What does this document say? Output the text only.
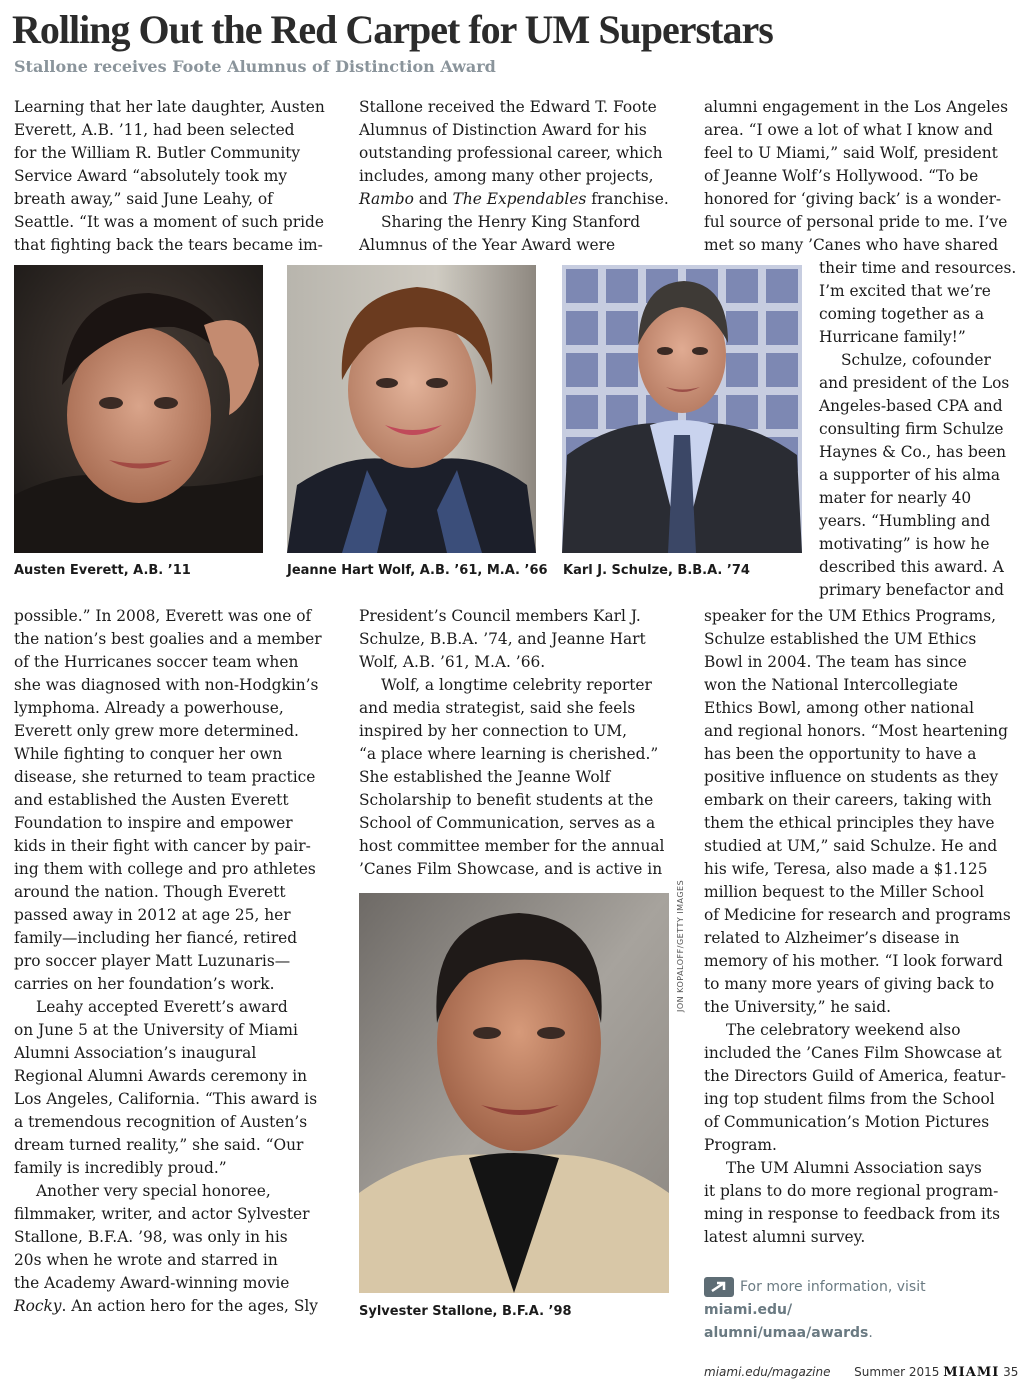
Rolling Out the Red Carpet for UM Superstars
Stallone receives Foote Alumnus of Distinction Award
Learning that her late daughter, Austen
Everett, A.B. ’11, had been selected
for the William R. Butler Community
Service Award “absolutely took my
breath away,” said June Leahy, of
Seattle. “It was a moment of such pride
that fighting back the tears became im-
Stallone received the Edward T. Foote
Alumnus of Distinction Award for his
outstanding professional career, which
includes, among many other projects,
Rambo and The Expendables franchise.
Sharing the Henry King Stanford
Alumnus of the Year Award were
alumni engagement in the Los Angeles
area. “I owe a lot of what I know and
feel to U Miami,” said Wolf, president
of Jeanne Wolf’s Hollywood. “To be
honored for ‘giving back’ is a wonder-
ful source of personal pride to me. I’ve
met so many ’Canes who have shared
their time and resources.
I’m excited that we’re
coming together as a
Hurricane family!”
Schulze, cofounder
and president of the Los
Angeles-based CPA and
consulting firm Schulze
Haynes & Co., has been
a supporter of his alma
mater for nearly 40
years. “Humbling and
motivating” is how he
described this award. A
primary benefactor and
Austen Everett, A.B. ’11	Jeanne Hart Wolf, A.B. ’61, M.A. ’66 Karl J. Schulze, B.B.A. ’74
possible.” In 2008, Everett was one of
the nation’s best goalies and a member
of the Hurricanes soccer team when
she was diagnosed with non-Hodgkin’s
lymphoma. Already a powerhouse,
Everett only grew more determined.
While fighting to conquer her own
disease, she returned to team practice
and established the Austen Everett
Foundation to inspire and empower
kids in their fight with cancer by pair-
ing them with college and pro athletes
around the nation. Though Everett
passed away in 2012 at age 25, her
family—including her fiancé, retired
pro soccer player Matt Luzunaris—
carries on her foundation’s work.
Leahy accepted Everett’s award
on June 5 at the University of Miami
Alumni Association’s inaugural
Regional Alumni Awards ceremony in
Los Angeles, California. “This award is
a tremendous recognition of Austen’s
dream turned reality,” she said. “Our
family is incredibly proud.”
Another very special honoree,
filmmaker, writer, and actor Sylvester
Stallone, B.F.A. ’98, was only in his
20s when he wrote and starred in
the Academy Award-winning movie
Rocky. An action hero for the ages, Sly
President’s Council members Karl J.
Schulze, B.B.A. ’74, and Jeanne Hart
Wolf, A.B. ’61, M.A. ’66.
Wolf, a longtime celebrity reporter
and media strategist, said she feels
inspired by her connection to UM,
“a place where learning is cherished.”
She established the Jeanne Wolf
Scholarship to benefit students at the
School of Communication, serves as a
host committee member for the annual
’Canes Film Showcase, and is active in
JON KOPALOFF/GETTY IMAGES
Sylvester Stallone, B.F.A. ’98
speaker for the UM Ethics Programs,
Schulze established the UM Ethics
Bowl in 2004. The team has since
won the National Intercollegiate
Ethics Bowl, among other national
and regional honors. “Most heartening
has been the opportunity to have a
positive influence on students as they
embark on their careers, taking with
them the ethical principles they have
studied at UM,” said Schulze. He and
his wife, Teresa, also made a $1.125
million bequest to the Miller School
of Medicine for research and programs
related to Alzheimer’s disease in
memory of his mother. “I look forward
to many more years of giving back to
the University,” he said.
The celebratory weekend also
included the ’Canes Film Showcase at
the Directors Guild of America, featur-
ing top student films from the School
of Communication’s Motion Pictures
Program.
The UM Alumni Association says
it plans to do more regional program-
ming in response to feedback from its
latest alumni survey.
For more information, visit miami.edu/
alumni/umaa/awards.
miami.edu/magazine Summer 2015 MIAMI 35
